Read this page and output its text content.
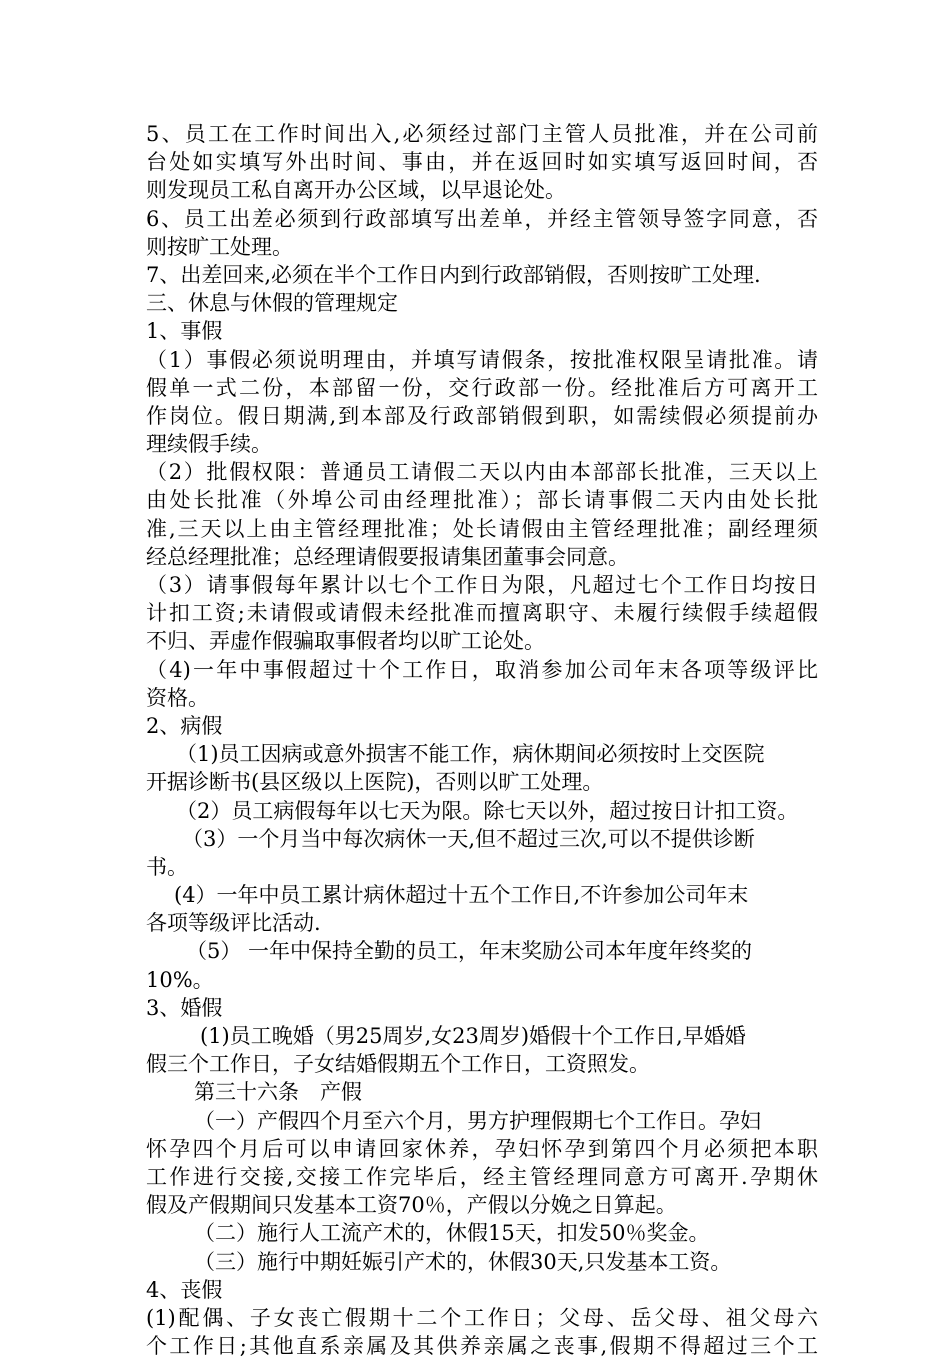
5、员工在工作时间出入,必须经过部门主管人员批准，并在公司前
台处如实填写外出时间、事由，并在返回时如实填写返回时间，否
则发现员工私自离开办公区域，以早退论处。
6、员工出差必须到行政部填写出差单，并经主管领导签字同意，否
则按旷工处理。
7、出差回来,必须在半个工作日内到行政部销假，否则按旷工处理.
三、休息与休假的管理规定
1、事假
（1）事假必须说明理由，并填写请假条，按批准权限呈请批准。请
假单一式二份，本部留一份，交行政部一份。经批准后方可离开工
作岗位。假日期满,到本部及行政部销假到职，如需续假必须提前办
理续假手续。
（2）批假权限：普通员工请假二天以内由本部部长批准，三天以上
由处长批准（外埠公司由经理批准）；部长请事假二天内由处长批
准,三天以上由主管经理批准；处长请假由主管经理批准；副经理须
经总经理批准；总经理请假要报请集团董事会同意。
（3）请事假每年累计以七个工作日为限，凡超过七个工作日均按日
计扣工资;未请假或请假未经批准而擅离职守、未履行续假手续超假
不归、弄虚作假骗取事假者均以旷工论处。
（4)一年中事假超过十个工作日，取消参加公司年末各项等级评比
资格。
2、病假
（1)员工因病或意外损害不能工作，病休期间必须按时上交医院
开据诊断书(县区级以上医院)，否则以旷工处理。
（2）员工病假每年以七天为限。除七天以外，超过按日计扣工资。
（3）一个月当中每次病休一天,但不超过三次,可以不提供诊断
书。
(4）一年中员工累计病休超过十五个工作日,不许参加公司年末
各项等级评比活动.
（5） 一年中保持全勤的员工，年末奖励公司本年度年终奖的
10%。
3、婚假
(1)员工晚婚（男25周岁,女23周岁)婚假十个工作日,早婚婚
假三个工作日，子女结婚假期五个工作日，工资照发。
第三十六条　产假
（一）产假四个月至六个月，男方护理假期七个工作日。孕妇
怀孕四个月后可以申请回家休养，孕妇怀孕到第四个月必须把本职
工作进行交接,交接工作完毕后，经主管经理同意方可离开.孕期休
假及产假期间只发基本工资70％，产假以分娩之日算起。
（二）施行人工流产术的，休假15天，扣发50％奖金。
（三）施行中期妊娠引产术的，休假30天,只发基本工资。
4、丧假
(1)配偶、子女丧亡假期十二个工作日；父母、岳父母、祖父母六
个工作日;其他直系亲属及其供养亲属之丧事,假期不得超过三个工
